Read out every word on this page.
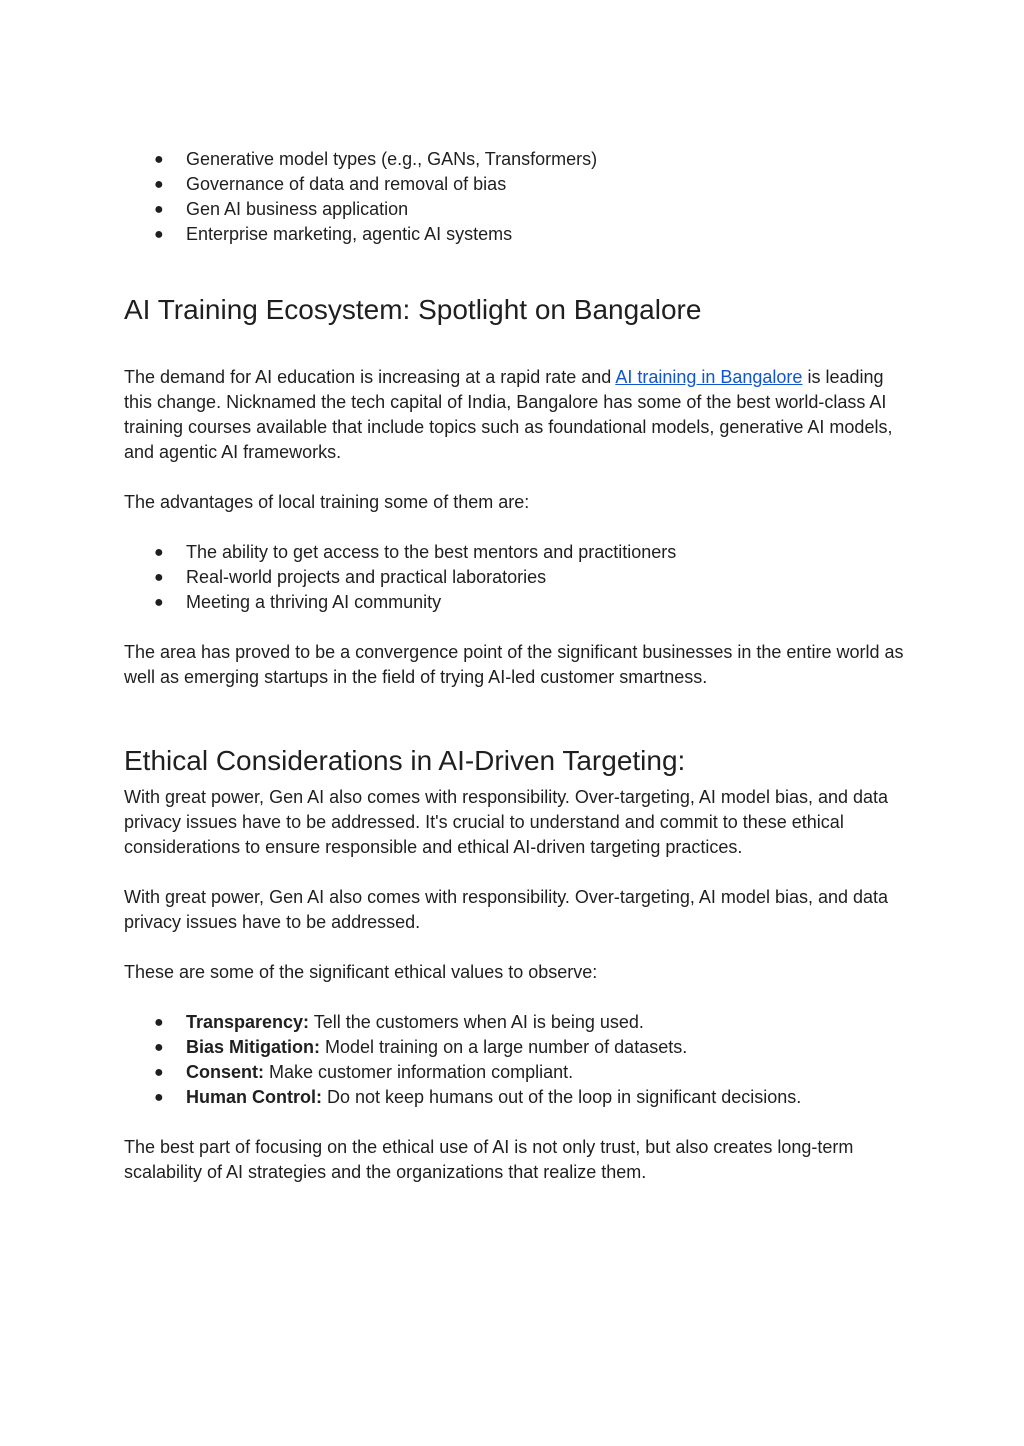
● Generative model types (e.g., GANs, Transformers)
● Governance of data and removal of bias
● Gen AI business application
● Enterprise marketing, agentic AI systems
AI Training Ecosystem: Spotlight on Bangalore

The demand for AI education is increasing at a rapid rate and AI training in Bangalore is leading this change. Nicknamed the tech capital of India, Bangalore has some of the best world-class AI training courses available that include topics such as foundational models, generative AI models, and agentic AI frameworks.

The advantages of local training some of them are:

● The ability to get access to the best mentors and practitioners
● Real-world projects and practical laboratories
● Meeting a thriving AI community

The area has proved to be a convergence point of the significant businesses in the entire world as well as emerging startups in the field of trying AI-led customer smartness.

Ethical Considerations in AI-Driven Targeting:

With great power, Gen AI also comes with responsibility. Over-targeting, AI model bias, and data privacy issues have to be addressed. It's crucial to understand and commit to these ethical considerations to ensure responsible and ethical AI-driven targeting practices.

With great power, Gen AI also comes with responsibility. Over-targeting, AI model bias, and data privacy issues have to be addressed.

These are some of the significant ethical values to observe:

● Transparency: Tell the customers when AI is being used.
● Bias Mitigation: Model training on a large number of datasets.
● Consent: Make customer information compliant.
● Human Control: Do not keep humans out of the loop in significant decisions.

The best part of focusing on the ethical use of AI is not only trust, but also creates long-term scalability of AI strategies and the organizations that realize them.
